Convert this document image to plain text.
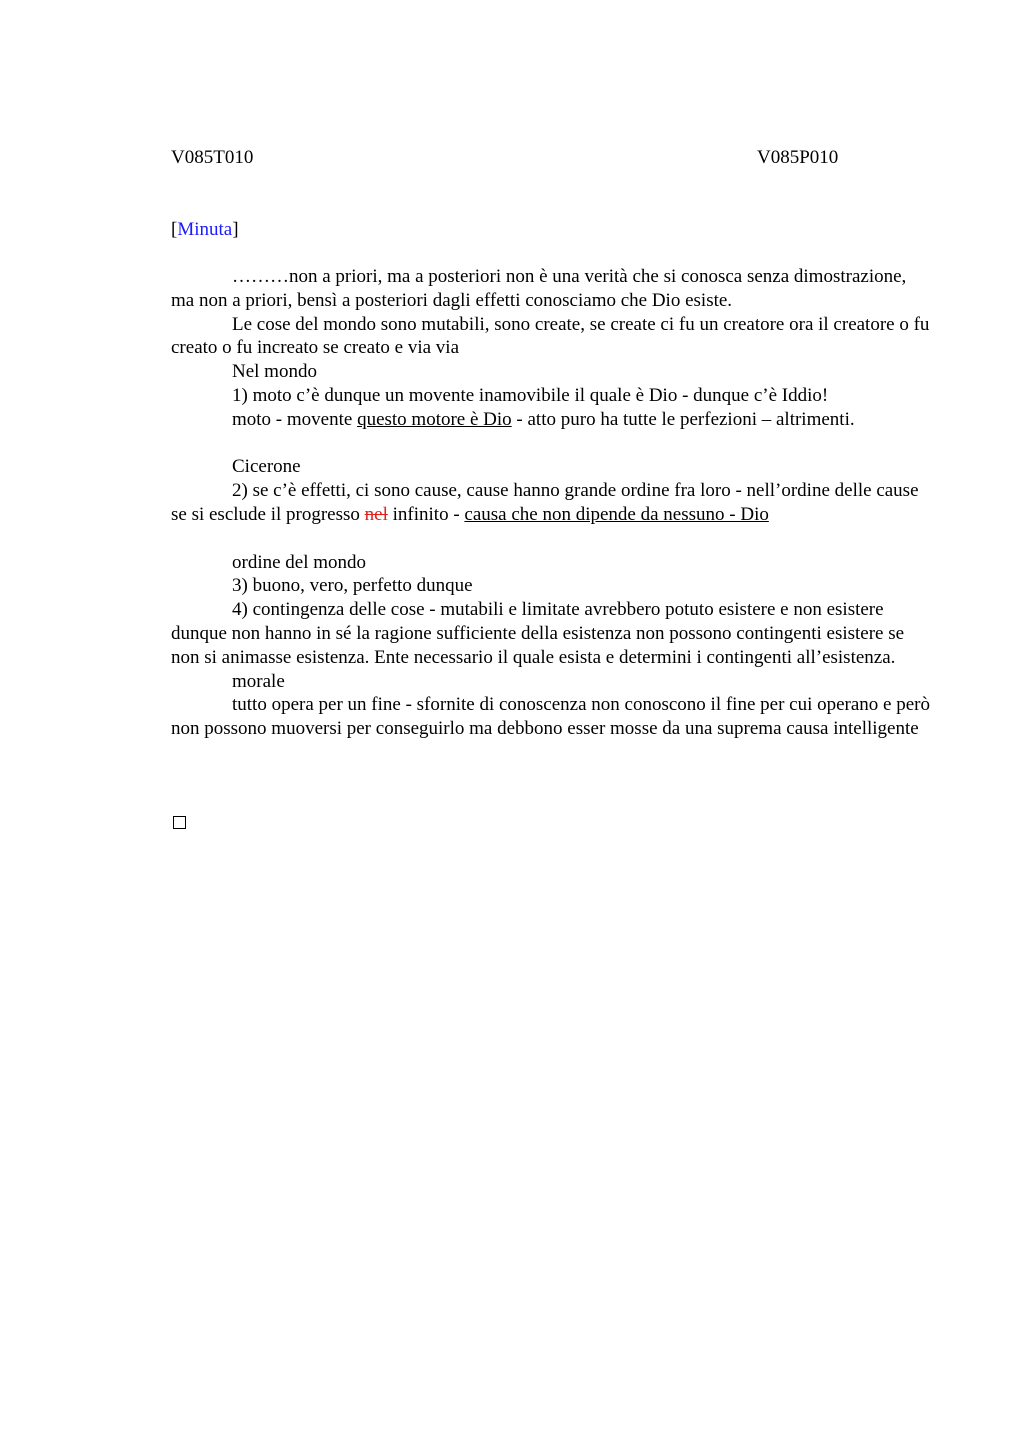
V085T010	V085P010
[Minuta]

………non a priori, ma a posteriori non è una verità che si conosca senza dimostrazione, ma non a priori, bensì a posteriori dagli effetti conosciamo che Dio esiste.

Le cose del mondo sono mutabili, sono create, se create ci fu un creatore ora il creatore o fu creato o fu increato se creato e via via

Nel mondo

1) moto c’è dunque un movente inamovibile il quale è Dio - dunque c’è Iddio!

moto - movente questo motore è Dio - atto puro ha tutte le perfezioni – altrimenti.

Cicerone

2) se c’è effetti, ci sono cause, cause hanno grande ordine fra loro - nell’ordine delle cause se si esclude il progresso nel infinito - causa che non dipende da nessuno - Dio

ordine del mondo

3) buono, vero, perfetto dunque

4) contingenza delle cose - mutabili e limitate avrebbero potuto esistere e non esistere dunque non hanno in sé la ragione sufficiente della esistenza non possono contingenti esistere se non si animasse esistenza. Ente necessario il quale esista e determini i contingenti all’esistenza.

morale

tutto opera per un fine - sfornite di conoscenza non conoscono il fine per cui operano e però non possono muoversi per conseguirlo ma debbono esser mosse da una suprema causa intelligente
